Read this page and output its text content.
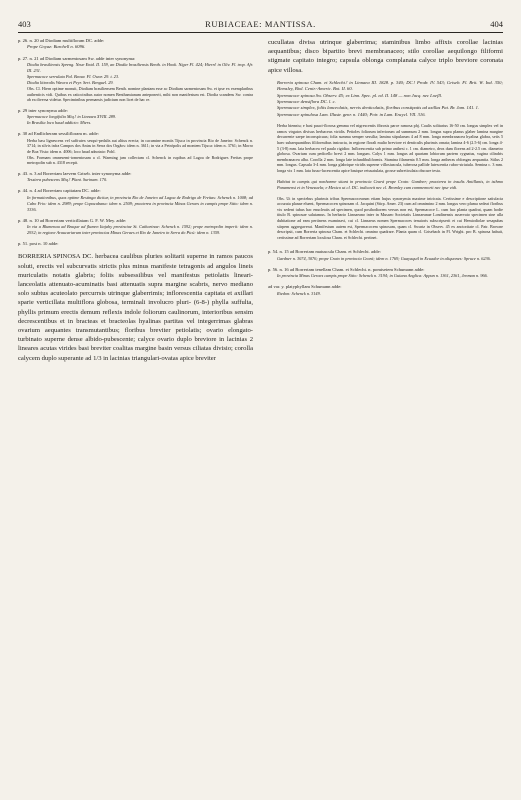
403	RUBIACEAE: MANTISSA.	404

p. 26. n. 20 ad Diodiam multifloram DC. adde:

Prope Goyaz: Burchell n. 6096.

p. 27. n. 21 ad Diodiam sarmentosam Sw. adde inter synonyma:

Diodia brasiliensis Spreng. Neue Entd. II. 159, an Diodia brasiliensis Benth. in Hook. Niger Fl. 424; Hiern! in Oliv. Fl. trop. Afr. III. 231.

Spermacoce serrulata Pal. Beauv. Fl. Owar. 29. t. 23.

Diodia littoralis Wawra et Peyr. Sert. Benguel. 29.

Obs. Cl. Hiern optime monuit, Diodiam brasiliensem Benth. nomine plantam esse ac Diodiam sarmentosam Sw. et ipse ex exemplaribus authenticis vidi. Quibus ex ratiocinibus autor nomen Benthamianum anteponerit, mihi non manifestum est. Diodia scandens Sw. contra ab ea diversa videtur. Speciminibus permansis judicium non licet de hac re.

p. 29 inter synonyma adde:

Spermacoce longifolia Miq.! in Linnaea XVIII. 289.

In Brasilia loco haud addicto: Miers.

p. 30 ad Endlicheram sessilifloram m. adde:

Herba bası lignescens vel suffrutex sesqui-pedalis aut altius erecta; in cacumine montis Tijuca in provincia Rio de Janeiro: Schenck n. 3714; in silvis infra Campos dos Antas in Serra dos Orgãos: idem n. 3611; in via a Petrópolis ad montem Tijuca: idem n. 3761; in Morro de Boa Vista: idem n. 4006; loco haud adnotato: Pohl.

Obs. Formam omnesemi-tomentosam a cl. Warming jam collectam cl. Schenck in rupibus ad Lagoa de Rodrigues Freitas prope metropolin sub n. 4318 recepit.

p. 43. n. 3 ad Borreriam laevem Griseb. inter synonyma adde:

Tessiera pubescens Miq.! Plant. Surinam. 170.

p. 44. n. 4 ad Borreriam capitatam DC. adde:

In formationibus, quas optime Restinga dicitur, in provincia Rio de Janeiro ad Lagoa de Rodrigo de Freitas: Schenck n. 1008; ad Cabo Frio: idem n. 2989; prope Copacabana: idem n. 2509; practerea in provincia Minas Geraes in campis prope Sitio: idem n. 3336.

p. 48. n. 10 ad Borreriam verticillatam G. F. W. Mey. adde:

In via a Blumenau ad Braque ad flumen Itajahy provinciae St. Catharinae: Schenck n. 1592; prope metropolin imperii: idem n. 2932; in regione Araucariarum inter provincias Minas Geraes et Rio de Janeiro in Serra do Picú: idem n. 1359.

p. 51. post n. 10 adde:

BORRERIA SPINOSA DC. herbacea caulibus pluries solitarii superne in ramos paucos soluti, erectis vel subcurvatis strictis plus minus manifeste tetragonis ad angulos lineis muriculatis notatis glabris; foliis subsessilibus vel manifestus petiolatis lineari-lanceolatis attenuato-acuminatis basi attenuatis supra margine scabris, nervo mediano solo subtus acuteolato percurrsis utrinque glaberrimis; inflorescentia capitata et axillari sparie verticillata multiflora globosa, terminali involucro pluri- (6-8-) phylla suffulta, phyllis primum erectis demum reflexis indole foliorum caulinorum, interioribus sensim decrescentibus et in bracteas et bracteolas hyalinas partitas vel integerrimas glabras ovarium aequantes transmutantibus; floribus breviter petiolatis; ovario elongato-turbinato superne dense albido-pubescente; calyce ovario duplo breviore in lacinias 2 lineares acutas virides basi breviter coalitas margine basin versus ciliatas divisio; corolla calycem duplo superante ad 1/3 in lacinias triangulari-ovatas apice breviter

cucullatas divisa utrinque glaberrima; staminibus limbo affixis corollae lacinias aequantibus; disco bipartito brevi membranaceo; stilo corollae aequilongo filiformi stigmate capitato integro; capsula oblonga complanata calyce triplo breviore coronata apice villosa.

Borreria spinosa Cham. et Schlecht.! in Linnaea III. 1828. p. 340; DC.! Prodr. IV. 543; Griseb. Fl. Brit. W. Ind. 350; Hemsley, Biol. Centr.-Americ. Bot. II. 60.

Spermacoce spinosa Sw. Observ. 45; ex Linn. Spec. pl. ed. II. 148 — non Jacq. nec Loefll.

Spermacoce densiflora DC. l. c.

Spermacoce simplex, foliis lanceolatis, nervis denticulatis, floribus constipatis ad axillas Pat. Br. Jam. 141. 1.

Spermacoce spinulosa Lam. Illustr. genr. n. 1440; Poir. in Lam. Encycl. VII. 316.

Herba bienniu; e basi pauci-florosa gemma vel nigrescentis fibrosis parce ramosa phj. Caulis solitarius 16-50 cm. longus simplex vel in ramos virgatos divisus herbaceus viridis. Petioles foliorum inferiorum ad summum 2 mm. longus supra planus glaber lamina margine decurrente saepe inconspicuus; folia summa semper sessilia; lamina stipularum 4 ad 8 mm. longa membranacea hyalina glabra, setis 5 haec subaequantibus filiformibus instructa, in regione florali multo breviore et denticulis plurimis ornata; lamina 4-6 (2.5-6) cm. longa 4-5 (3-8) mm. lata herbacea vel paulo rigidior. Inflorescentia sub primo anthesi c. 1 cm. diametro, deos dum florens ad 2-2.5 cm. diametro globosa. Ovarium cum pedicello brevi 2 mm. longum. Calyx 1 mm. longus ad quartam lobiorum partem cygnatus, vagina cilindris membranacea alba. Corolla 2 mm. longa late infundibuliformis. Stamina filamenta 0.5 mm. longa antheras oblongas aequantia. Stilus 2 mm. longus. Capsula 3-4 mm. longa glabrique viridis superne villosiuscula, tuberosa pallide lutescentia rubro-striatula. Semina c. 3 mm. longa vix 1 mm. lata fusso-lucescentia apice basique retusatulata, grosse subreticulata obscure testa.

Habitat in campis qui nonharme sitant in provincia Ceará prope Crato: Gardner; practerea in insulis Antillanis, in isthmo Panamensi et in Venezuela; e Mexico ut cl. DC. indicavit nec cl. Bromley cum commemorit nec ipse vidi.

Obs. Ut in speciebus plurimis tribus Spermacocearum etiam hujus synonymia maxime intricata. Certissime e descriptione satisfacta accurata planae eluent, Spermacocen spinosam cl. Jacquini (Stirp. Amer. 23) cum ad omnimino 2 mm. longus vero pluma sedeat floribus vix sedent tubus hac enucleatis ad specimen, quod posthodiorem versus non est, Spermacoce L. cum hac planta quadrat, quam hodie titulo B. spinosae salutamus. In herbario Linnaeano inter in Musaeo Societatis Linnaeanae Londinensis asservato specimen sine ulla dubitatione ad eam pertinens examinavi, cui cl. Linnaeus nomen Spermacoces tenuioris subscripserit et cui Hemiodiolae sesapubas stirpem aggregaverat. Manifestum autem est, Spermacocem spinosam, quam cl. Swartz in Observ. 45 ex anctoritate cl. Patr. Browne descripsit, cum Borreria spinosa Cham. et Schlecht. omnino quadrare. Planta quam cl. Grisebach in Fl. Wright. pro B. spinosa habuit, certissime ad Borreriam loculosa Cham. et Schlecht. pertinet.

p. 54. n. 15 ad Borreriam maiuscula Cham. et Schlecht. adde:

Gardner n. 3074, 3076; prope Crato in provincia Ceará; idem n. 1769; Guayaquil in Ecuador in aliquones: Spruce n. 6236.

p. 56. n. 16 ad Borreriam tenellam Cham. et Schlecht. n. pomiseiem Schumann adde:

In provincia Minas Geraes campis prope Sitio: Schenck n. 3194; in Guiana Anglica: Appun n. 1361, 2361, Jenman n. 966.

ad var. y. platyphyllam Schumann adde:

Riedon: Schenck n. 3149.
